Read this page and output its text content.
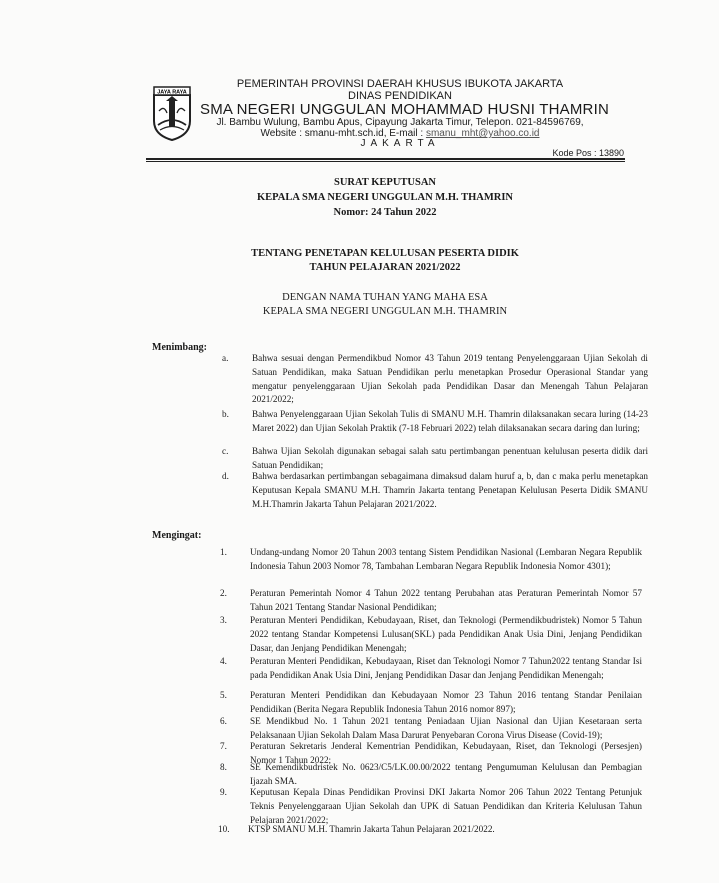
JAYA RAYA
PEMERINTAH PROVINSI DAERAH KHUSUS IBUKOTA JAKARTA
DINAS PENDIDIKAN
SMA NEGERI UNGGULAN MOHAMMAD HUSNI THAMRIN
Jl. Bambu Wulung, Bambu Apus, Cipayung Jakarta Timur, Telepon. 021-84596769,
Website : smanu-mht.sch.id, E-mail : smanu_mht@yahoo.co.id
JAKARTA
Kode Pos : 13890
SURAT KEPUTUSAN
KEPALA SMA NEGERI UNGGULAN M.H. THAMRIN
Nomor: 24 Tahun 2022
TENTANG PENETAPAN KELULUSAN PESERTA DIDIK
TAHUN PELAJARAN 2021/2022
DENGAN NAMA TUHAN YANG MAHA ESA
KEPALA SMA NEGERI UNGGULAN M.H. THAMRIN
Menimbang:
a.	Bahwa sesuai dengan Permendikbud Nomor 43 Tahun 2019 tentang Penyelenggaraan Ujian Sekolah di Satuan Pendidikan, maka Satuan Pendidikan perlu menetapkan Prosedur Operasional Standar yang mengatur penyelenggaraan Ujian Sekolah pada Pendidikan Dasar dan Menengah Tahun Pelajaran 2021/2022;
b.	Bahwa Penyelenggaraan Ujian Sekolah Tulis di SMANU M.H. Thamrin dilaksanakan secara luring (14-23 Maret 2022) dan Ujian Sekolah Praktik (7-18 Februari 2022) telah dilaksanakan secara daring dan luring;
c.	Bahwa Ujian Sekolah digunakan sebagai salah satu pertimbangan penentuan kelulusan peserta didik dari Satuan Pendidikan;
d.	Bahwa berdasarkan pertimbangan sebagaimana dimaksud dalam huruf a, b, dan c maka perlu menetapkan Keputusan Kepala SMANU M.H. Thamrin Jakarta tentang Penetapan Kelulusan Peserta Didik SMANU M.H.Thamrin Jakarta Tahun Pelajaran 2021/2022.
Mengingat:
1.	Undang-undang Nomor 20 Tahun 2003 tentang Sistem Pendidikan Nasional (Lembaran Negara Republik Indonesia Tahun 2003 Nomor 78, Tambahan Lembaran Negara Republik Indonesia Nomor 4301);
2.	Peraturan Pemerintah Nomor 4 Tahun 2022 tentang Perubahan atas Peraturan Pemerintah Nomor 57 Tahun 2021 Tentang Standar Nasional Pendidikan;
3.	Peraturan Menteri Pendidikan, Kebudayaan, Riset, dan Teknologi (Permendikbudristek) Nomor 5 Tahun 2022 tentang Standar Kompetensi Lulusan(SKL) pada Pendidikan Anak Usia Dini, Jenjang Pendidikan Dasar, dan Jenjang Pendidikan Menengah;
4.	Peraturan Menteri Pendidikan, Kebudayaan, Riset dan Teknologi Nomor 7 Tahun2022 tentang Standar Isi pada Pendidikan Anak Usia Dini, Jenjang Pendidikan Dasar dan Jenjang Pendidikan Menengah;
5.	Peraturan Menteri Pendidikan dan Kebudayaan Nomor 23 Tahun 2016 tentang Standar Penilaian Pendidikan (Berita Negara Republik Indonesia Tahun 2016 nomor 897);
6.	SE Mendikbud No. 1 Tahun 2021 tentang Peniadaan Ujian Nasional dan Ujian Kesetaraan serta Pelaksanaan Ujian Sekolah Dalam Masa Darurat Penyebaran Corona Virus Disease (Covid-19);
7.	Peraturan Sekretaris Jenderal Kementrian Pendidikan, Kebudayaan, Riset, dan Teknologi (Persesjen) Nomor 1 Tahun 2022;
8.	SE Kemendikbudristek No. 0623/C5/LK.00.00/2022 tentang Pengumuman Kelulusan dan Pembagian Ijazah SMA.
9.	Keputusan Kepala Dinas Pendidikan Provinsi DKI Jakarta Nomor 206 Tahun 2022 Tentang Petunjuk Teknis Penyelenggaraan Ujian Sekolah dan UPK di Satuan Pendidikan dan Kriteria Kelulusan Tahun Pelajaran 2021/2022;
10. KTSP SMANU M.H. Thamrin Jakarta Tahun Pelajaran 2021/2022.
